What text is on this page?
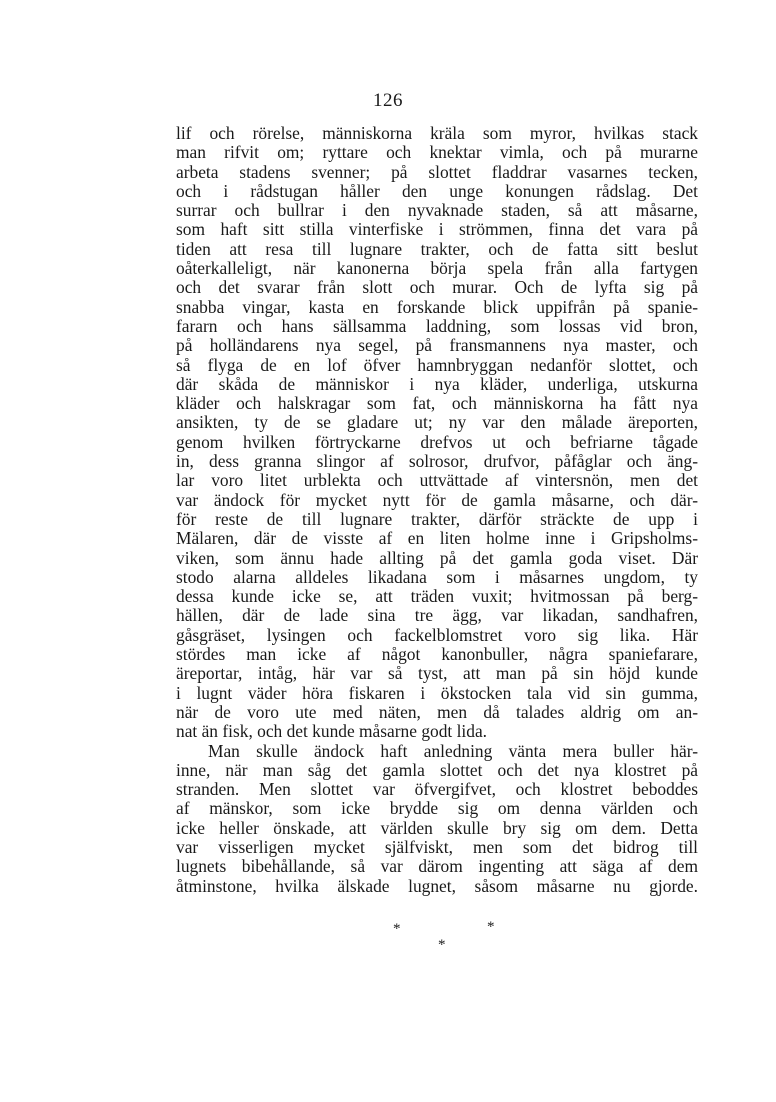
126
lif och rörelse, människorna kräla som myror, hvilkas stack
man rifvit om; ryttare och knektar vimla, och på murarne
arbeta stadens svenner; på slottet fladdrar vasarnes tecken,
och i rådstugan håller den unge konungen rådslag. Det
surrar och bullrar i den nyvaknade staden, så att måsarne,
som haft sitt stilla vinterfiske i strömmen, finna det vara på
tiden att resa till lugnare trakter, och de fatta sitt beslut
oåterkalleligt, när kanonerna börja spela från alla fartygen
och det svarar från slott och murar. Och de lyfta sig på
snabba vingar, kasta en forskande blick uppifrån på spanie-
fararn och hans sällsamma laddning, som lossas vid bron,
på holländarens nya segel, på fransmannens nya master, och
så flyga de en lof öfver hamnbryggan nedanför slottet, och
där skåda de människor i nya kläder, underliga, utskurna
kläder och halskragar som fat, och människorna ha fått nya
ansikten, ty de se gladare ut; ny var den målade äreporten,
genom hvilken förtryckarne drefvos ut och befriarne tågade
in, dess granna slingor af solrosor, drufvor, påfåglar och äng-
lar voro litet urblekta och uttvättade af vintersnön, men det
var ändock för mycket nytt för de gamla måsarne, och där-
för reste de till lugnare trakter, därför sträckte de upp i
Mälaren, där de visste af en liten holme inne i Gripsholms-
viken, som ännu hade allting på det gamla goda viset. Där
stodo alarna alldeles likadana som i måsarnes ungdom, ty
dessa kunde icke se, att träden vuxit; hvitmossan på berg-
hällen, där de lade sina tre ägg, var likadan, sandhafren,
gåsgräset, lysingen och fackelblomstret voro sig lika. Här
stördes man icke af något kanonbuller, några spaniefarare,
äreportar, intåg, här var så tyst, att man på sin höjd kunde
i lugnt väder höra fiskaren i ökstocken tala vid sin gumma,
när de voro ute med näten, men då talades aldrig om an-
nat än fisk, och det kunde måsarne godt lida.
Man skulle ändock haft anledning vänta mera buller här-
inne, när man såg det gamla slottet och det nya klostret på
stranden. Men slottet var öfvergifvet, och klostret beboddes
af mänskor, som icke brydde sig om denna världen och
icke heller önskade, att världen skulle bry sig om dem. Detta
var visserligen mycket själfviskt, men som det bidrog till
lugnets bibehållande, så var därom ingenting att säga af dem
åtminstone, hvilka älskade lugnet, såsom måsarne nu gjorde.
*	*
*
